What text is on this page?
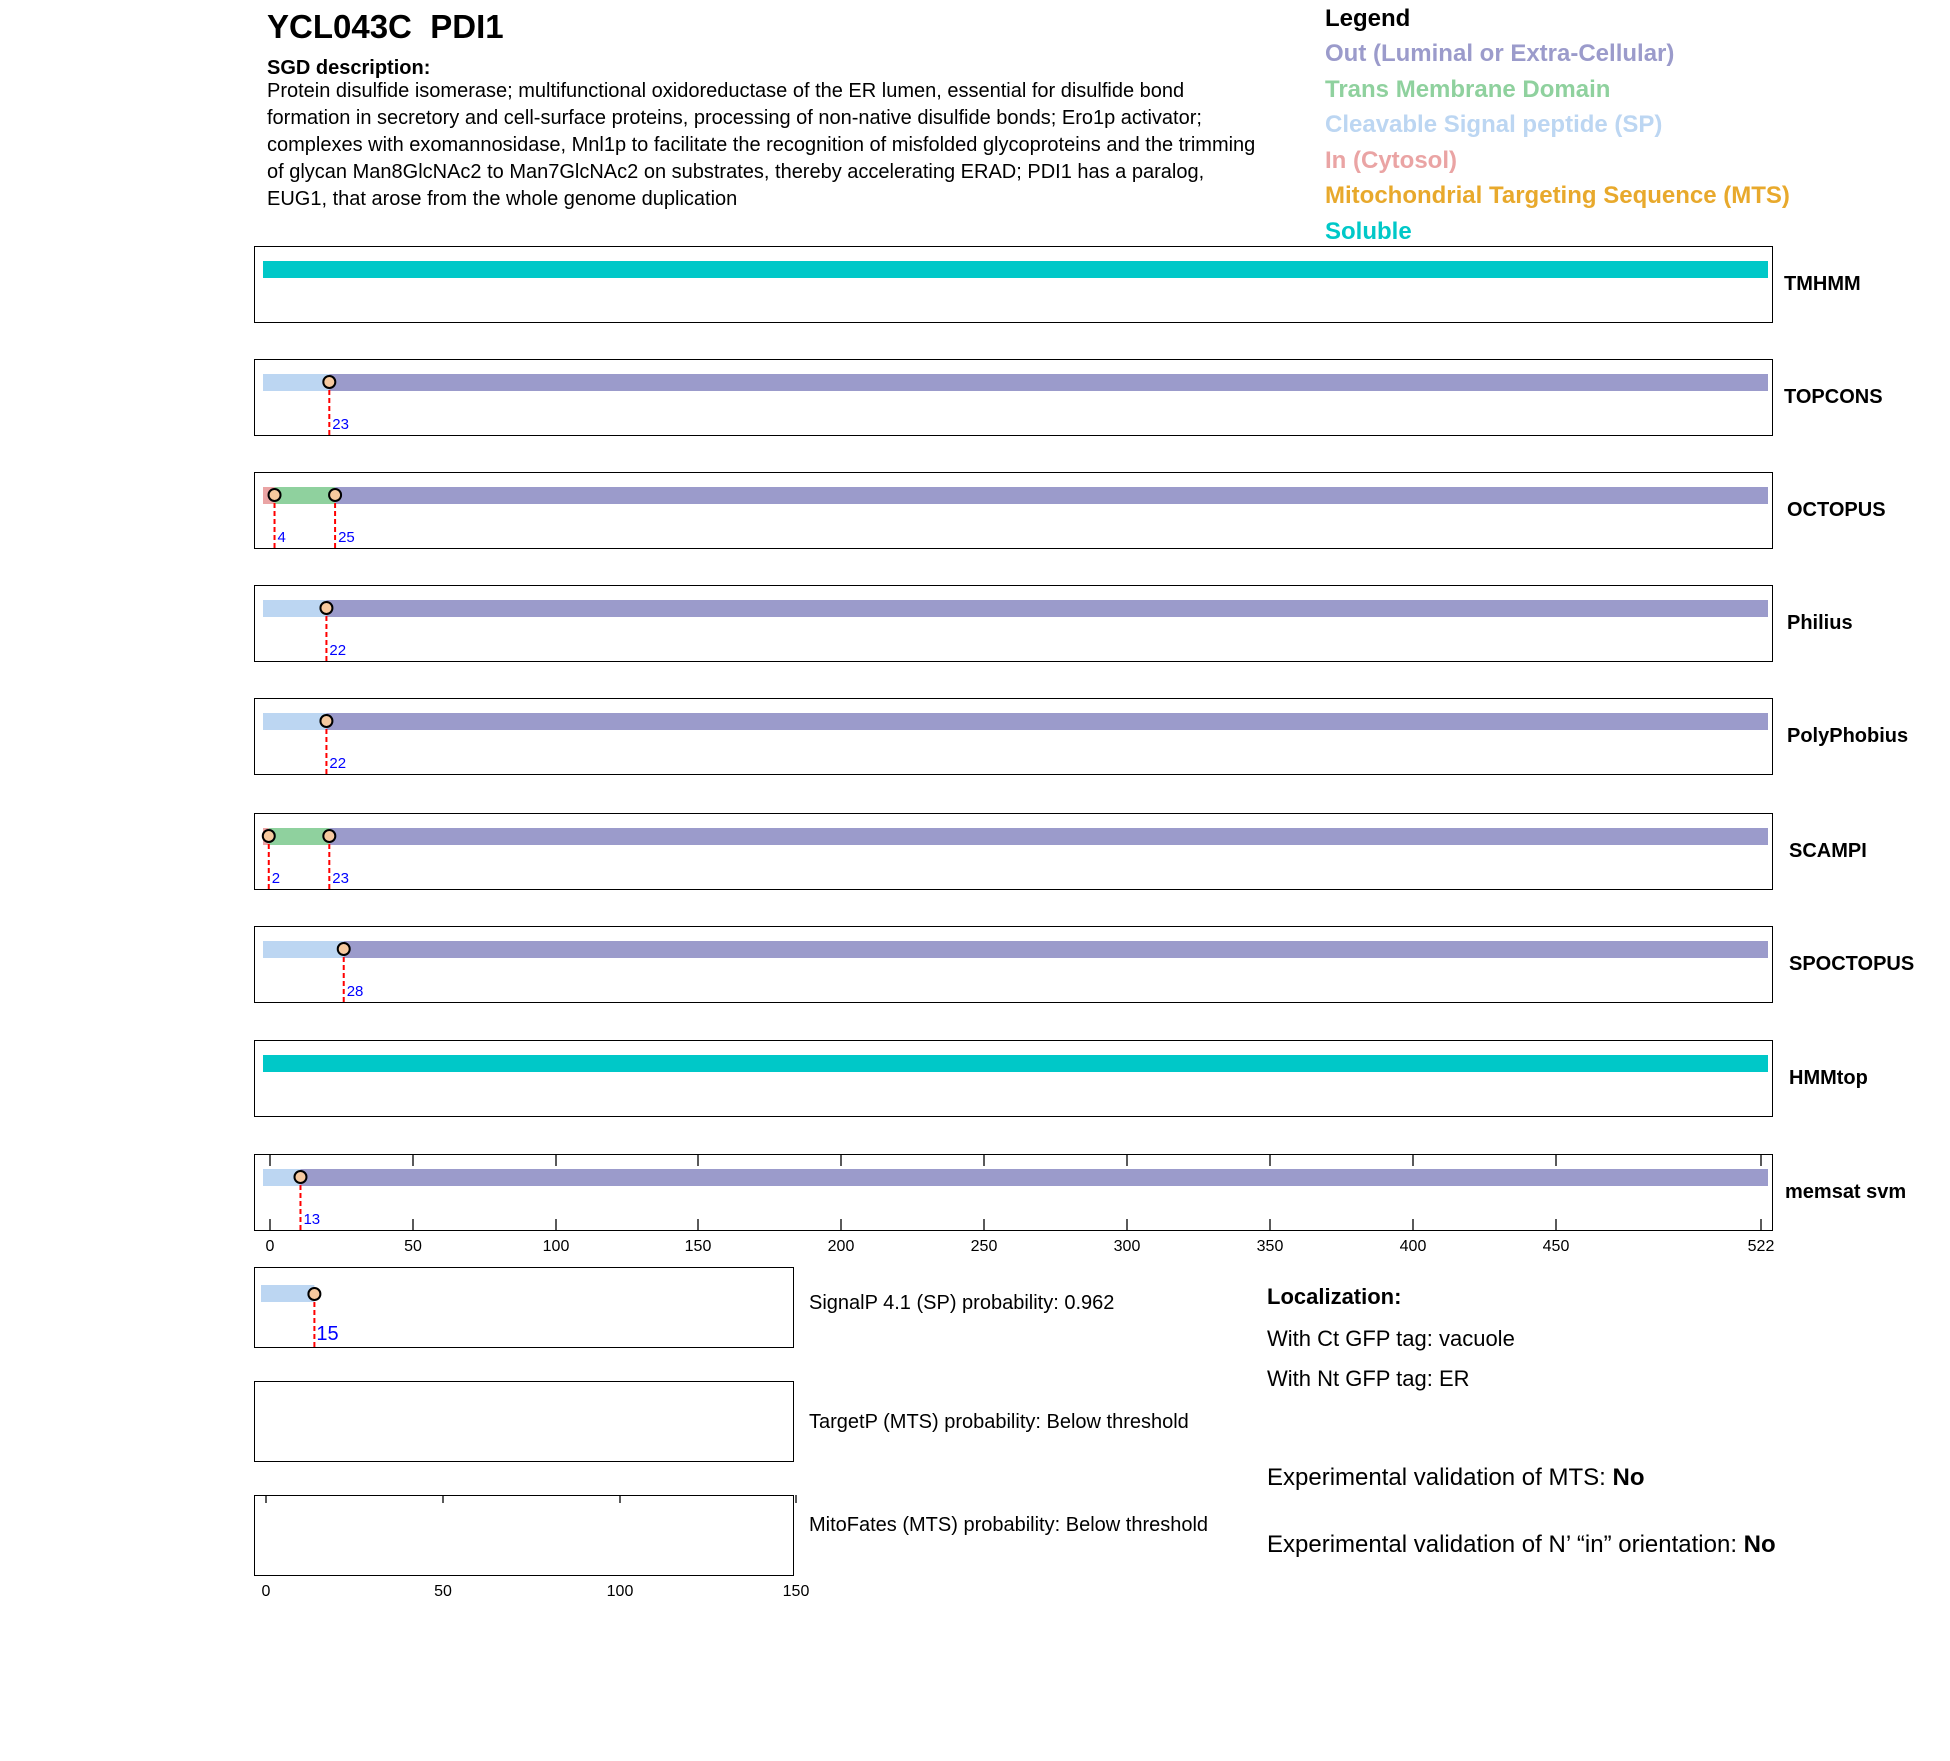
YCL043C  PDI1
SGD description:
Protein disulfide isomerase; multifunctional oxidoreductase of the ER lumen, essential for disulfide bond formation in secretory and cell-surface proteins, processing of non-native disulfide bonds; Ero1p activator; complexes with exomannosidase, Mnl1p to facilitate the recognition of misfolded glycoproteins and the trimming of glycan Man8GlcNAc2 to Man7GlcNAc2 on substrates, thereby accelerating ERAD; PDI1 has a paralog, EUG1, that arose from the whole genome duplication
Legend
Out (Luminal or Extra-Cellular)
Trans Membrane Domain
Cleavable Signal peptide (SP)
In (Cytosol)
Mitochondrial Targeting Sequence (MTS)
Soluble
TMHMM
TOPCONS
23
OCTOPUS
4	25
Philius
22
PolyPhobius
22
SCAMPI
2	23
SPOCTOPUS
28
HMMtop
memsat svm
13
0	50	100	150	200	250	300	350	400	450	522
SignalP 4.1 (SP) probability: 0.962
15
TargetP (MTS) probability: Below threshold
MitoFates (MTS) probability: Below threshold
0	50	100	150
Localization:
With Ct GFP tag: vacuole
With Nt GFP tag: ER
Experimental validation of MTS: No
Experimental validation of N’ “in” orientation: No
